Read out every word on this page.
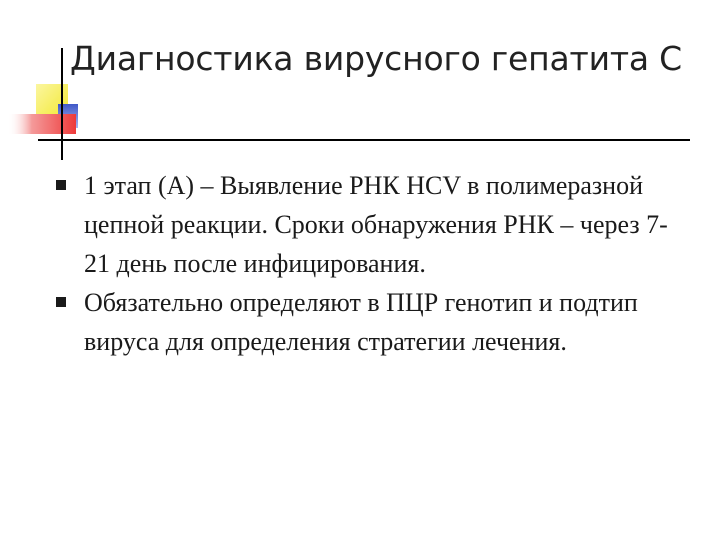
Диагностика вирусного гепатита С
1 этап (А) – Выявление РНК HCV в полимеразной цепной реакции. Сроки обнаружения РНК – через 7-21 день после инфицирования.
Обязательно определяют в ПЦР генотип и подтип вируса для определения стратегии лечения.
